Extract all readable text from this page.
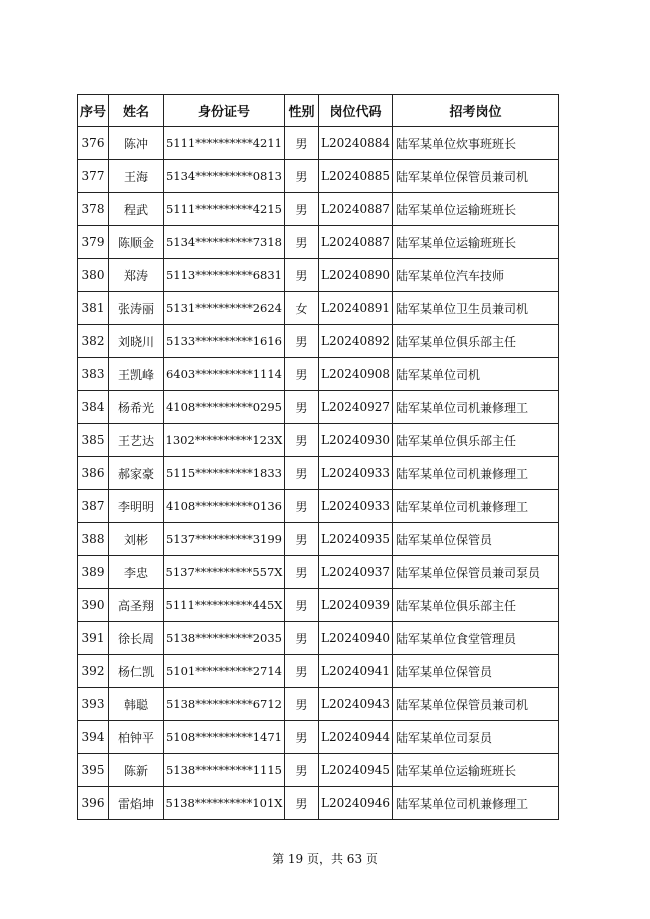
序号	姓名	身份证号	性别	岗位代码	招考岗位
376	陈冲	5111**********4211	男	L20240884	陆军某单位炊事班班长
377	王海	5134**********0813	男	L20240885	陆军某单位保管员兼司机
378	程武	5111**********4215	男	L20240887	陆军某单位运输班班长
379	陈顺金	5134**********7318	男	L20240887	陆军某单位运输班班长
380	郑涛	5113**********6831	男	L20240890	陆军某单位汽车技师
381	张涛丽	5131**********2624	女	L20240891	陆军某单位卫生员兼司机
382	刘晓川	5133**********1616	男	L20240892	陆军某单位俱乐部主任
383	王凯峰	6403**********1114	男	L20240908	陆军某单位司机
384	杨希光	4108**********0295	男	L20240927	陆军某单位司机兼修理工
385	王艺达	1302**********123X	男	L20240930	陆军某单位俱乐部主任
386	郝家豪	5115**********1833	男	L20240933	陆军某单位司机兼修理工
387	李明明	4108**********0136	男	L20240933	陆军某单位司机兼修理工
388	刘彬	5137**********3199	男	L20240935	陆军某单位保管员
389	李忠	5137**********557X	男	L20240937	陆军某单位保管员兼司泵员
390	高圣翔	5111**********445X	男	L20240939	陆军某单位俱乐部主任
391	徐长周	5138**********2035	男	L20240940	陆军某单位食堂管理员
392	杨仁凯	5101**********2714	男	L20240941	陆军某单位保管员
393	韩聪	5138**********6712	男	L20240943	陆军某单位保管员兼司机
394	柏钟平	5108**********1471	男	L20240944	陆军某单位司泵员
395	陈新	5138**********1115	男	L20240945	陆军某单位运输班班长
396	雷焰坤	5138**********101X	男	L20240946	陆军某单位司机兼修理工
第 19 页，共 63 页
